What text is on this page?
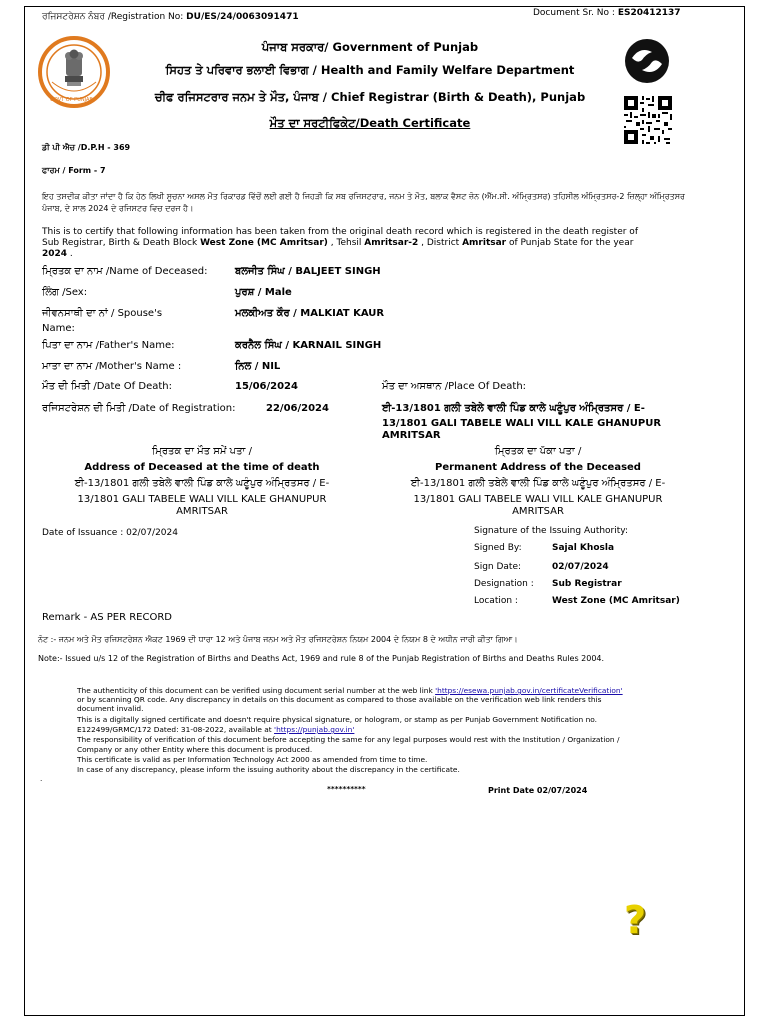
ਰਜਿਸਟਰੇਸ਼ਨ ਨੰਬਰ /Registration No: DU/ES/24/0063091471	Document Sr. No : ES20412137
GOVT OF PUNJAB
ਪੰਜਾਬ ਸਰਕਾਰ/ Government of Punjab
ਸਿਹਤ ਤੇ ਪਰਿਵਾਰ ਭਲਾਈ ਵਿਭਾਗ / Health and Family Welfare Department
ਚੀਫ ਰਜਿਸਟਰਾਰ ਜਨਮ ਤੇ ਮੌਤ, ਪੰਜਾਬ / Chief Registrar (Birth & Death), Punjab
ਮੌਤ ਦਾ ਸਰਟੀਫਿਕੇਟ/Death Certificate
ਡੀ ਪੀ ਐਚ /D.P.H - 369
ਫਾਰਮ / Form - 7
ਇਹ ਤਸਦੀਕ ਕੀਤਾ ਜਾਂਦਾ ਹੈ ਕਿ ਹੇਠ ਲਿਖੀ ਸੂਚਨਾ ਅਸਲ ਮੌਤ ਰਿਕਾਰਡ ਵਿੱਚੋਂ ਲਈ ਗਈ ਹੈ ਜਿਹੜੀ ਕਿ ਸਬ ਰਜਿਸਟਰਾਰ, ਜਨਮ ਤੇ ਮੌਤ, ਬਲਾਕ ਵੈਸਟ ਜ਼ੋਨ (ਐੱਮ.ਸੀ. ਅੰਮ੍ਰਿਤਸਰ) ਤਹਿਸੀਲ ਅੰਮ੍ਰਿਤਸਰ-2 ਜ਼ਿਲ੍ਹਾ ਅੰਮ੍ਰਿਤਸਰ ਪੰਜਾਬ, ਦੇ ਸਾਲ 2024 ਦੇ ਰਜਿਸਟਰ ਵਿਚ ਦਰਜ ਹੈ।
This is to certify that following information has been taken from the original death record which is registered in the death register of
Sub Registrar, Birth & Death Block West Zone (MC Amritsar) , Tehsil Amritsar-2 , District Amritsar of Punjab State for the year
2024 .
ਮ੍ਰਿਤਕ ਦਾ ਨਾਮ /Name of Deceased:	ਬਲਜੀਤ ਸਿੰਘ / BALJEET SINGH
ਲਿੰਗ /Sex:	ਪੁਰਸ਼ / Male
ਜੀਵਨਸਾਥੀ ਦਾ ਨਾਂ / Spouse's
Name:
ਮਲਕੀਅਤ ਕੌਰ / MALKIAT KAUR
ਪਿਤਾ ਦਾ ਨਾਮ /Father's Name:	ਕਰਨੈਲ ਸਿੰਘ / KARNAIL SINGH
ਮਾਤਾ ਦਾ ਨਾਮ /Mother's Name :	ਨਿਲ / NIL
ਮੌਤ ਦੀ ਮਿਤੀ /Date Of Death:	15/06/2024	ਮੌਤ ਦਾ ਅਸਥਾਨ /Place Of Death:
ਰਜਿਸਟਰੇਸ਼ਨ ਦੀ ਮਿਤੀ /Date of Registration:	22/06/2024	ਈ-13/1801 ਗਲੀ ਤਬੇਲੇ ਵਾਲੀ ਪਿੰਡ ਕਾਲੇ ਘਣੂੰਪੁਰ ਅੰਮ੍ਰਿਤਸਰ / E-
13/1801 GALI TABELE WALI VILL KALE GHANUPUR
AMRITSAR
ਮ੍ਰਿਤਕ ਦਾ ਮੌਤ ਸਮੇਂ ਪਤਾ /
Address of Deceased at the time of death
ਈ-13/1801 ਗਲੀ ਤਬੇਲੇ ਵਾਲੀ ਪਿੰਡ ਕਾਲੇ ਘਣੂੰਪੁਰ ਅੰਮ੍ਰਿਤਸਰ / E-
13/1801 GALI TABELE WALI VILL KALE GHANUPUR
AMRITSAR
ਮ੍ਰਿਤਕ ਦਾ ਪੱਕਾ ਪਤਾ /
Permanent Address of the Deceased
ਈ-13/1801 ਗਲੀ ਤਬੇਲੇ ਵਾਲੀ ਪਿੰਡ ਕਾਲੇ ਘਣੂੰਪੁਰ ਅੰਮ੍ਰਿਤਸਰ / E-
13/1801 GALI TABELE WALI VILL KALE GHANUPUR
AMRITSAR
Date of Issuance : 02/07/2024	Signature of the Issuing Authority:
Signed By:	Sajal Khosla
Sign Date:	02/07/2024
Designation : Sub Registrar
Location :	West Zone (MC Amritsar)
Remark - AS PER RECORD
ਨੋਟ :- ਜਨਮ ਅਤੇ ਮੌਤ ਰਜਿਸਟਰੇਸ਼ਨ ਐਕਟ 1969 ਦੀ ਧਾਰਾ 12 ਅਤੇ ਪੰਜਾਬ ਜਨਮ ਅਤੇ ਮੌਤ ਰਜਿਸਟਰੇਸ਼ਨ ਨਿਯਮ 2004 ਦੇ ਨਿਯਮ 8 ਦੇ ਅਧੀਨ ਜਾਰੀ ਕੀਤਾ ਗਿਆ।
Note:- Issued u/s 12 of the Registration of Births and Deaths Act, 1969 and rule 8 of the Punjab Registration of Births and Deaths Rules 2004.
The authenticity of this document can be verified using document serial number at the web link 'https://esewa.punjab.gov.in/certificateVerification'
or by scanning QR code. Any discrepancy in details on this document as compared to those available on the verification web link renders this
document invalid.
This is a digitally signed certificate and doesn't require physical signature, or hologram, or stamp as per Punjab Government Notification no.
E122499/GRMC/172 Dated: 31-08-2022, available at 'https://punjab.gov.in'
The responsibility of verification of this document before accepting the same for any legal purposes would rest with the Institution / Organization /
Company or any other Entity where this document is produced.
This certificate is valid as per Information Technology Act 2000 as amended from time to time.
In case of any discrepancy, please inform the issuing authority about the discrepancy in the certificate.
.
**********	Print Date 02/07/2024
?
